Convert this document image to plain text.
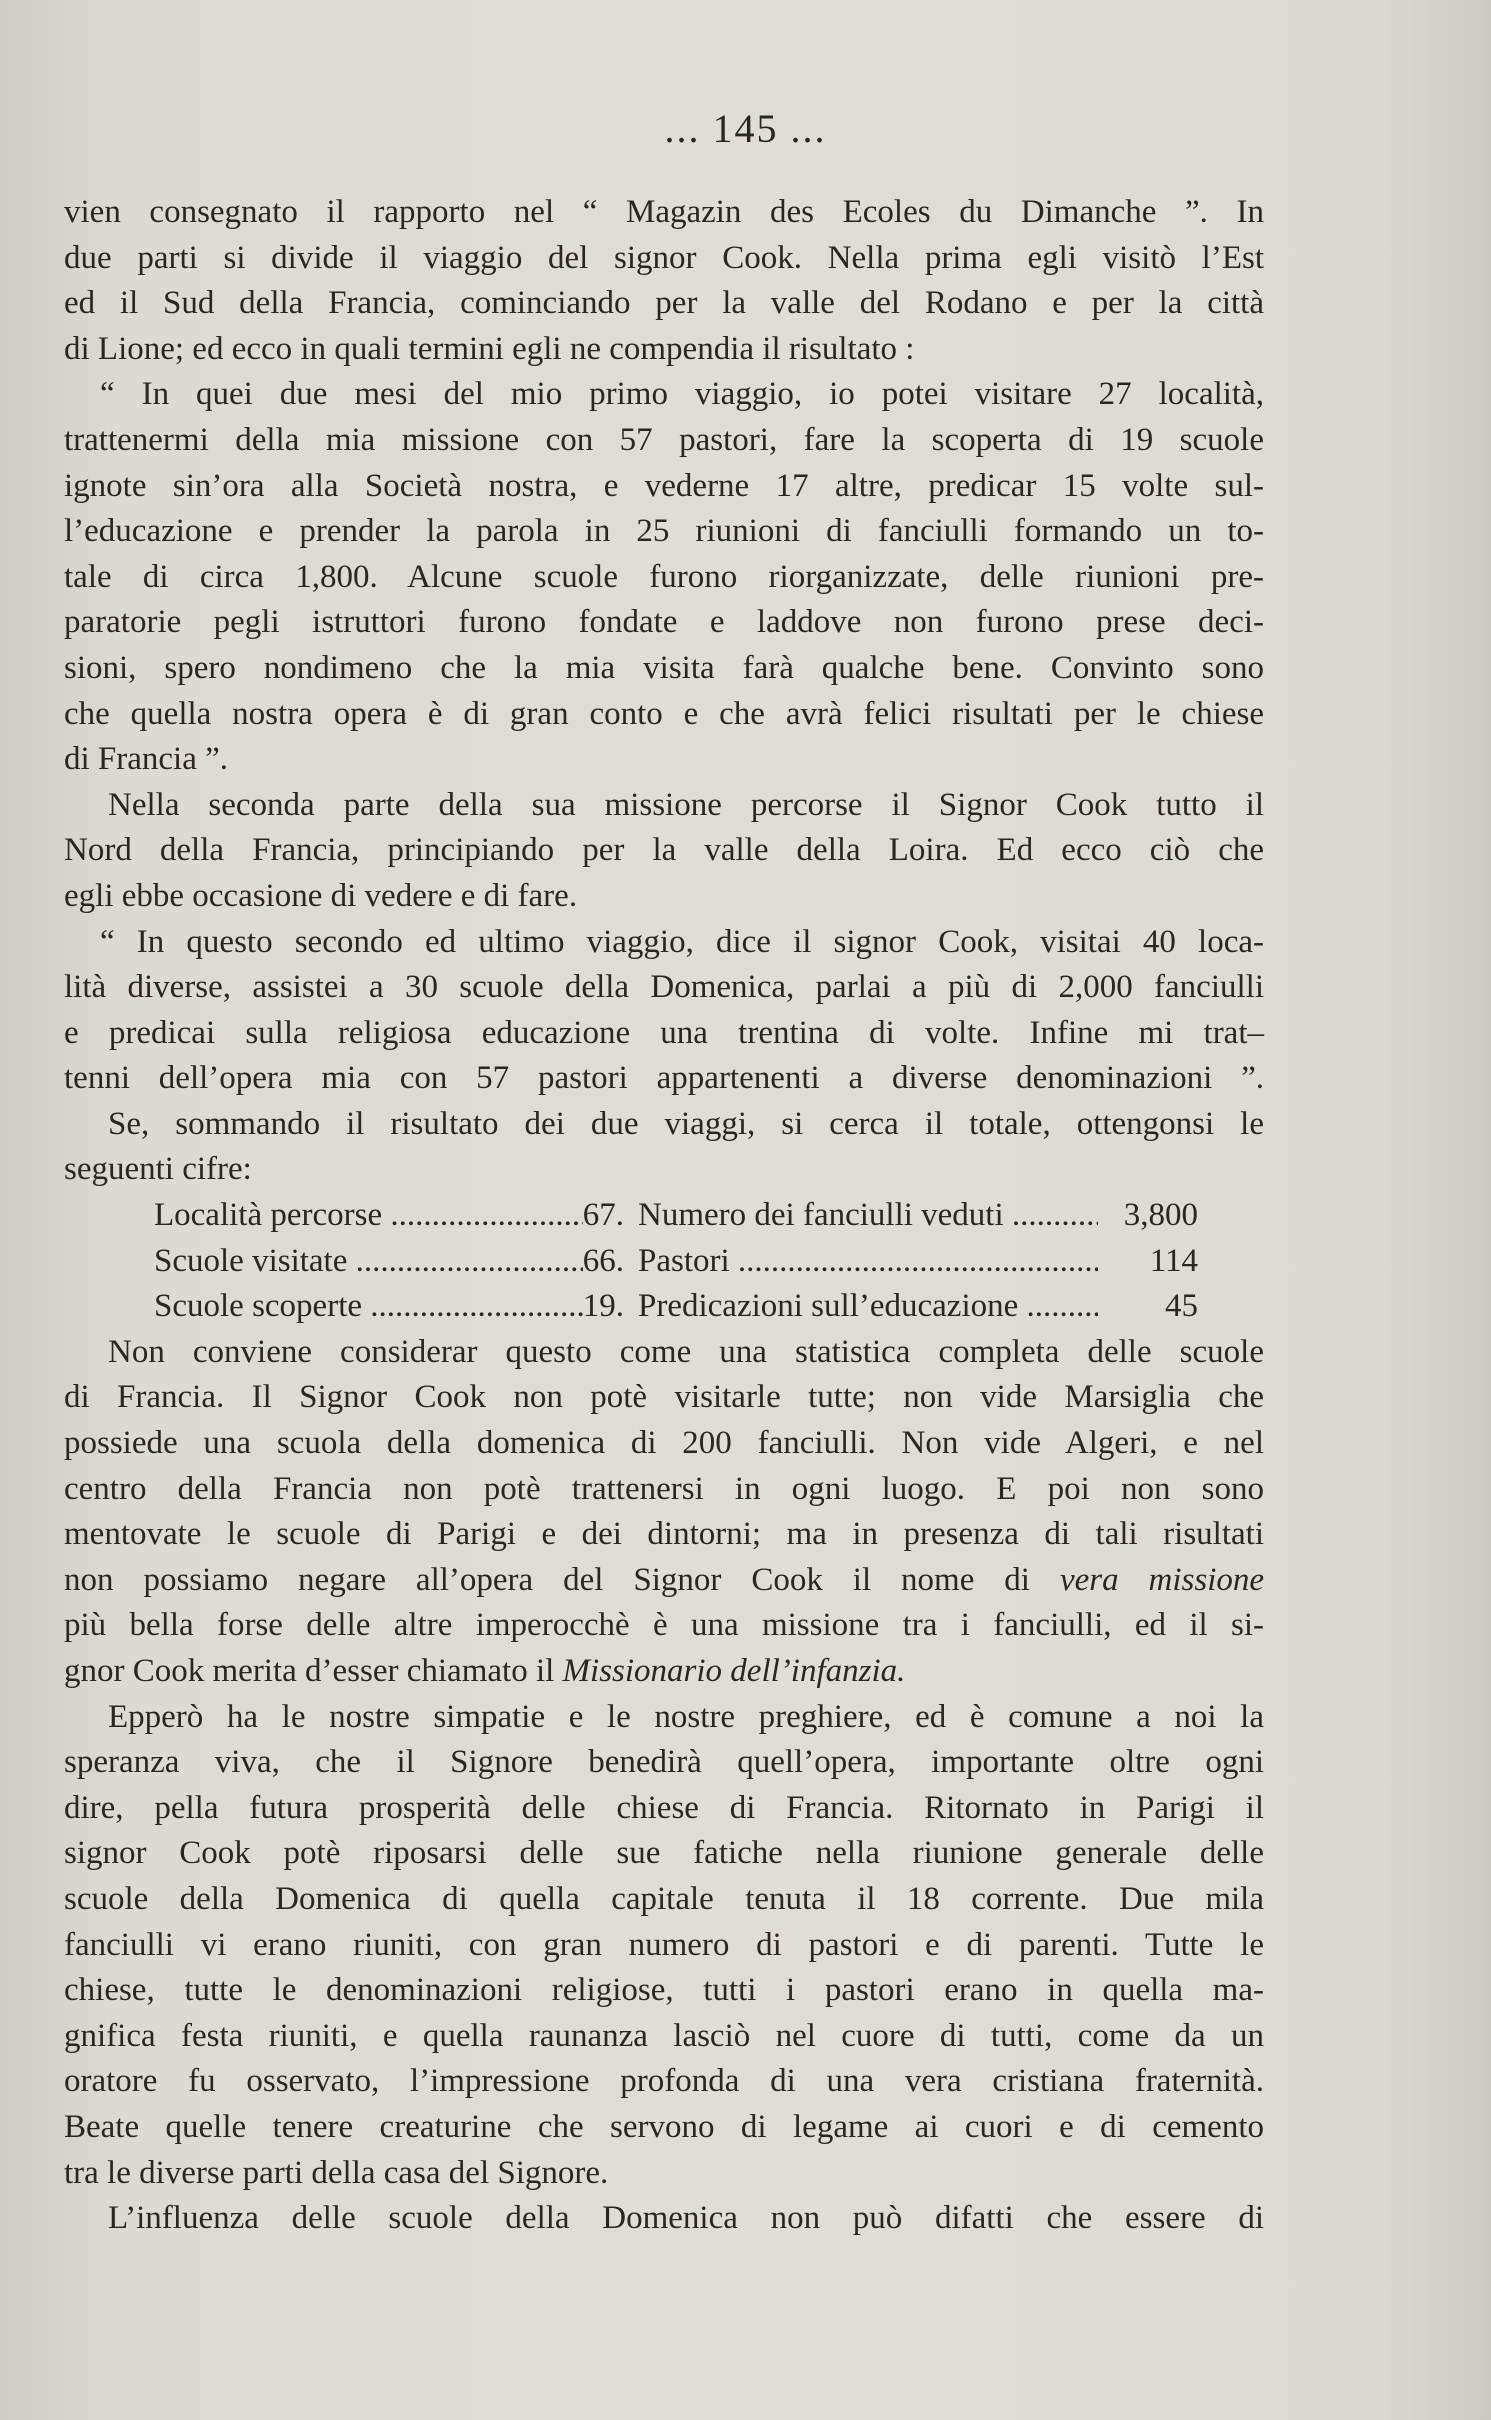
... 145 ...
vien consegnato il rapporto nel “ Magazin des Ecoles du Dimanche ”. In
due parti si divide il viaggio del signor Cook. Nella prima egli visitò l’Est
ed il Sud della Francia, cominciando per la valle del Rodano e per la città
di Lione; ed ecco in quali termini egli ne compendia il risultato :
“ In quei due mesi del mio primo viaggio, io potei visitare 27 località,
trattenermi della mia missione con 57 pastori, fare la scoperta di 19 scuole
ignote sin’ora alla Società nostra, e vederne 17 altre, predicar 15 volte sul-
l’educazione e prender la parola in 25 riunioni di fanciulli formando un to-
tale di circa 1,800. Alcune scuole furono riorganizzate, delle riunioni pre-
paratorie pegli istruttori furono fondate e laddove non furono prese deci-
sioni, spero nondimeno che la mia visita farà qualche bene. Convinto sono
che quella nostra opera è di gran conto e che avrà felici risultati per le chiese
di Francia ”.
Nella seconda parte della sua missione percorse il Signor Cook tutto il
Nord della Francia, principiando per la valle della Loira. Ed ecco ciò che
egli ebbe occasione di vedere e di fare.
“ In questo secondo ed ultimo viaggio, dice il signor Cook, visitai 40 loca-
lità diverse, assistei a 30 scuole della Domenica, parlai a più di 2,000 fanciulli
e predicai sulla religiosa educazione una trentina di volte. Infine mi trat–
tenni dell’opera mia con 57 pastori appartenenti a diverse denominazioni ”.
Se, sommando il risultato dei due viaggi, si cerca il totale, ottengonsi le
seguenti cifre:
Località percorse .....	67. Numero dei fanciulli veduti .....	3,800
Scuole visitate .....	66. Pastori .....	114
Scuole scoperte .....	19. Predicazioni sull’educazione .....	45
Non conviene considerar questo come una statistica completa delle scuole
di Francia. Il Signor Cook non potè visitarle tutte; non vide Marsiglia che
possiede una scuola della domenica di 200 fanciulli. Non vide Algeri, e nel
centro della Francia non potè trattenersi in ogni luogo. E poi non sono
mentovate le scuole di Parigi e dei dintorni; ma in presenza di tali risultati
non possiamo negare all’opera del Signor Cook il nome di vera missione
più bella forse delle altre imperocchè è una missione tra i fanciulli, ed il si-
gnor Cook merita d’esser chiamato il Missionario dell’infanzia.
Epperò ha le nostre simpatie e le nostre preghiere, ed è comune a noi la
speranza viva, che il Signore benedirà quell’opera, importante oltre ogni
dire, pella futura prosperità delle chiese di Francia. Ritornato in Parigi il
signor Cook potè riposarsi delle sue fatiche nella riunione generale delle
scuole della Domenica di quella capitale tenuta il 18 corrente. Due mila
fanciulli vi erano riuniti, con gran numero di pastori e di parenti. Tutte le
chiese, tutte le denominazioni religiose, tutti i pastori erano in quella ma-
gnifica festa riuniti, e quella raunanza lasciò nel cuore di tutti, come da un
oratore fu osservato, l’impressione profonda di una vera cristiana fraternità.
Beate quelle tenere creaturine che servono di legame ai cuori e di cemento
tra le diverse parti della casa del Signore.
L’influenza delle scuole della Domenica non può difatti che essere di
